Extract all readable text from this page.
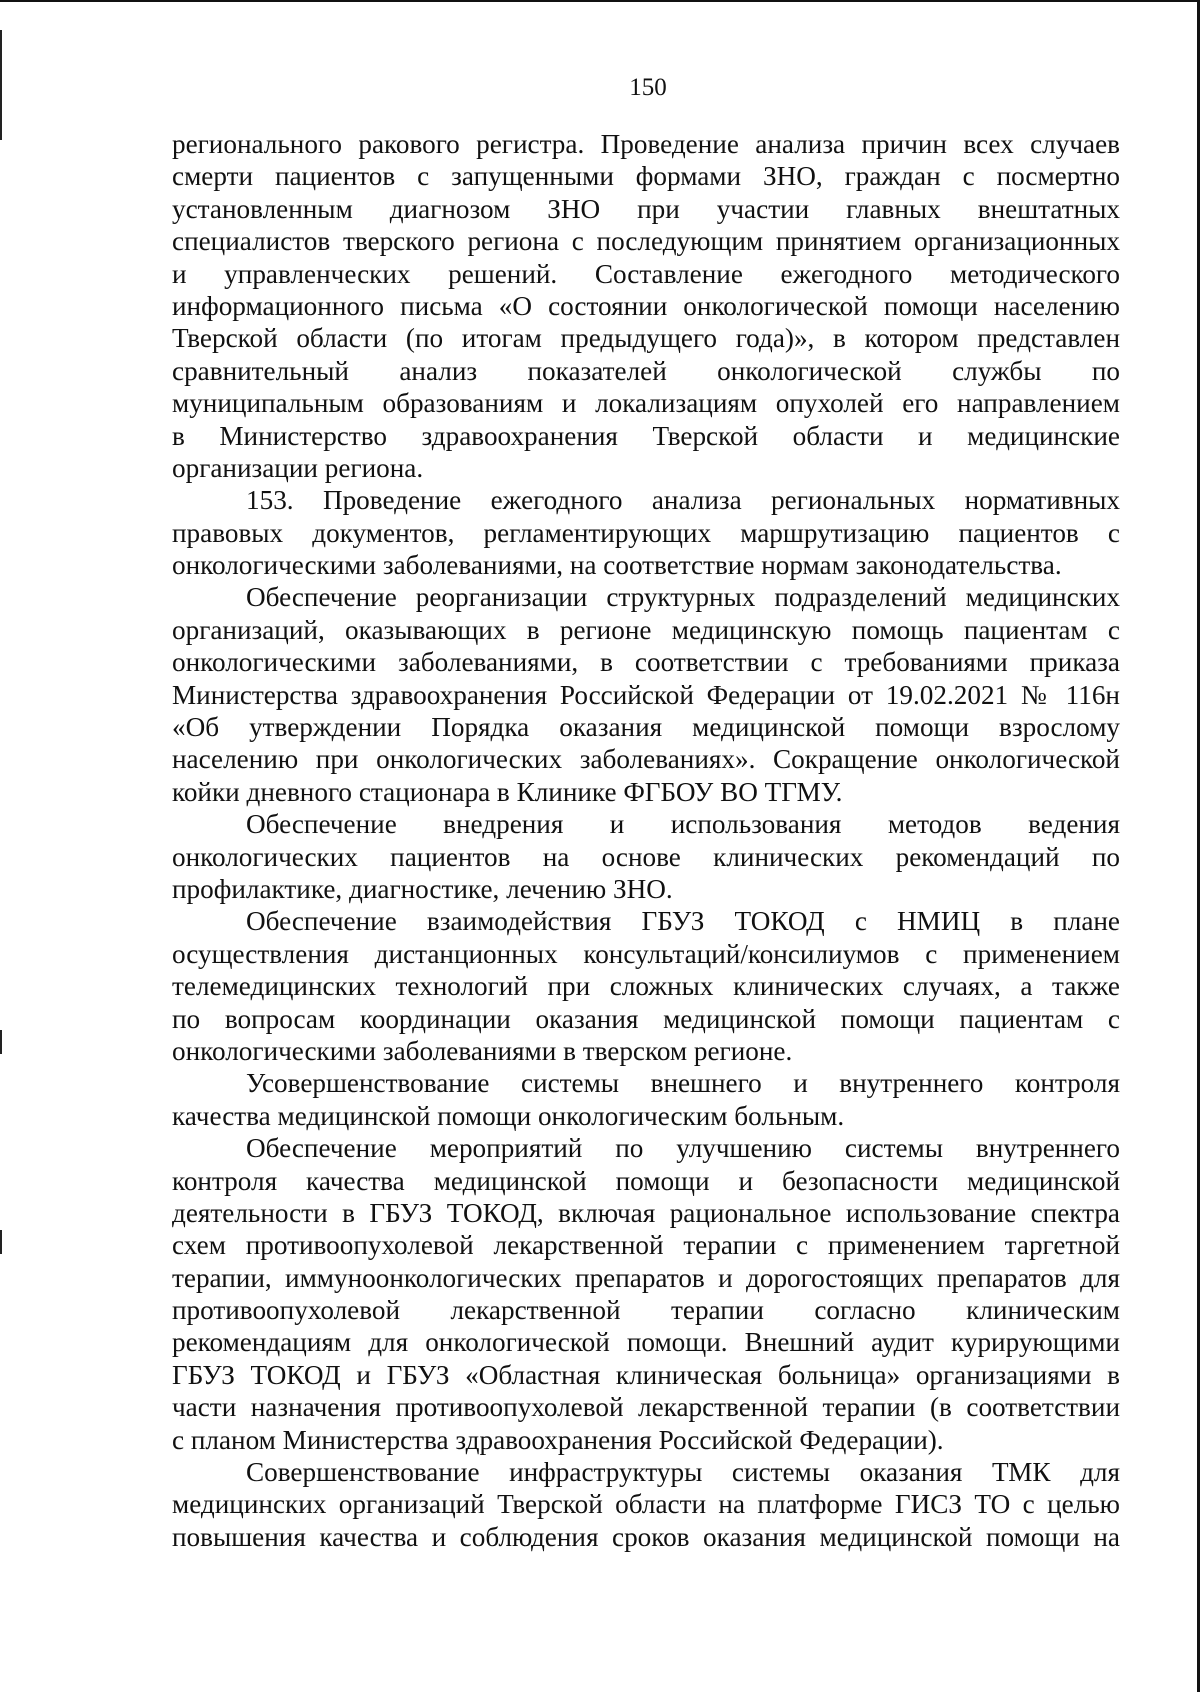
150
регионального ракового регистра. Проведение анализа причин всех случаев
смерти пациентов с запущенными формами ЗНО, граждан с посмертно
установленным диагнозом ЗНО при участии главных внештатных
специалистов тверского региона с последующим принятием организационных
и управленческих решений. Составление ежегодного методического
информационного письма «О состоянии онкологической помощи населению
Тверской области (по итогам предыдущего года)», в котором представлен
сравнительный анализ показателей онкологической службы по
муниципальным образованиям и локализациям опухолей его направлением
в Министерство здравоохранения Тверской области и медицинские
организации региона.
153. Проведение ежегодного анализа региональных нормативных
правовых документов, регламентирующих маршрутизацию пациентов с
онкологическими заболеваниями, на соответствие нормам законодательства.
Обеспечение реорганизации структурных подразделений медицинских
организаций, оказывающих в регионе медицинскую помощь пациентам с
онкологическими заболеваниями, в соответствии с требованиями приказа
Министерства здравоохранения Российской Федерации от 19.02.2021 № 116н
«Об утверждении Порядка оказания медицинской помощи взрослому
населению при онкологических заболеваниях». Сокращение онкологической
койки дневного стационара в Клинике ФГБОУ ВО ТГМУ.
Обеспечение внедрения и использования методов ведения
онкологических пациентов на основе клинических рекомендаций по
профилактике, диагностике, лечению ЗНО.
Обеспечение взаимодействия ГБУЗ ТОКОД с НМИЦ в плане
осуществления дистанционных консультаций/консилиумов с применением
телемедицинских технологий при сложных клинических случаях, а также
по вопросам координации оказания медицинской помощи пациентам с
онкологическими заболеваниями в тверском регионе.
Усовершенствование системы внешнего и внутреннего контроля
качества медицинской помощи онкологическим больным.
Обеспечение мероприятий по улучшению системы внутреннего
контроля качества медицинской помощи и безопасности медицинской
деятельности в ГБУЗ ТОКОД, включая рациональное использование спектра
схем противоопухолевой лекарственной терапии с применением таргетной
терапии, иммуноонкологических препаратов и дорогостоящих препаратов для
противоопухолевой лекарственной терапии согласно клиническим
рекомендациям для онкологической помощи. Внешний аудит курирующими
ГБУЗ ТОКОД и ГБУЗ «Областная клиническая больница» организациями в
части назначения противоопухолевой лекарственной терапии (в соответствии
с планом Министерства здравоохранения Российской Федерации).
Совершенствование инфраструктуры системы оказания ТМК для
медицинских организаций Тверской области на платформе ГИСЗ ТО с целью
повышения качества и соблюдения сроков оказания медицинской помощи на
